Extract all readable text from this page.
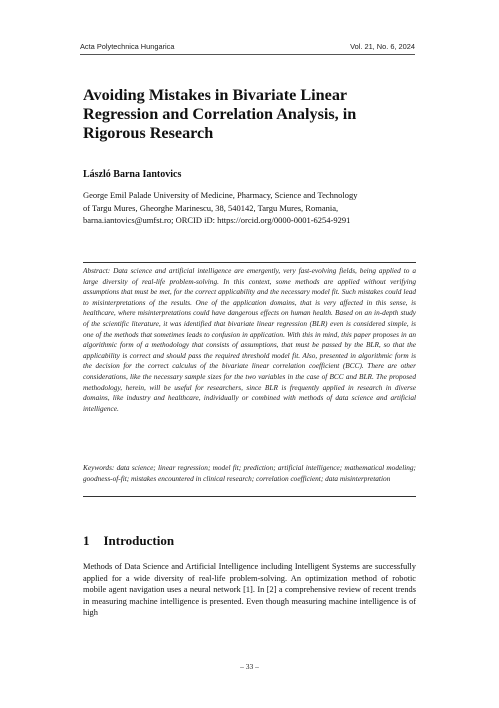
Acta Polytechnica Hungarica	Vol. 21, No. 6, 2024
Avoiding Mistakes in Bivariate Linear Regression and Correlation Analysis, in Rigorous Research
László Barna Iantovics
George Emil Palade University of Medicine, Pharmacy, Science and Technology
of Targu Mures, Gheorghe Marinescu, 38, 540142, Targu Mures, Romania,
barna.iantovics@umfst.ro; ORCID iD: https://orcid.org/0000-0001-6254-9291

Abstract: Data science and artificial intelligence are emergently, very fast-evolving fields, being applied to a large diversity of real-life problem-solving. In this context, some methods are applied without verifying assumptions that must be met, for the correct applicability and the necessary model fit. Such mistakes could lead to misinterpretations of the results. One of the application domains, that is very affected in this sense, is healthcare, where misinterpretations could have dangerous effects on human health. Based on an in-depth study of the scientific literature, it was identified that bivariate linear regression (BLR) even is considered simple, is one of the methods that sometimes leads to confusion in application. With this in mind, this paper proposes in an algorithmic form of a methodology that consists of assumptions, that must be passed by the BLR, so that the applicability is correct and should pass the required threshold model fit. Also, presented in algorithmic form is the decision for the correct calculus of the bivariate linear correlation coefficient (BCC). There are other considerations, like the necessary sample sizes for the two variables in the case of BCC and BLR. The proposed methodology, herein, will be useful for researchers, since BLR is frequently applied in research in diverse domains, like industry and healthcare, individually or combined with methods of data science and artificial intelligence.

Keywords: data science; linear regression; model fit; prediction; artificial intelligence; mathematical modeling; goodness-of-fit; mistakes encountered in clinical research; correlation coefficient; data misinterpretation

1 Introduction

Methods of Data Science and Artificial Intelligence including Intelligent Systems are successfully applied for a wide diversity of real-life problem-solving. An optimization method of robotic mobile agent navigation uses a neural network [1]. In [2] a comprehensive review of recent trends in measuring machine intelligence is presented. Even though measuring machine intelligence is of high

– 33 –
